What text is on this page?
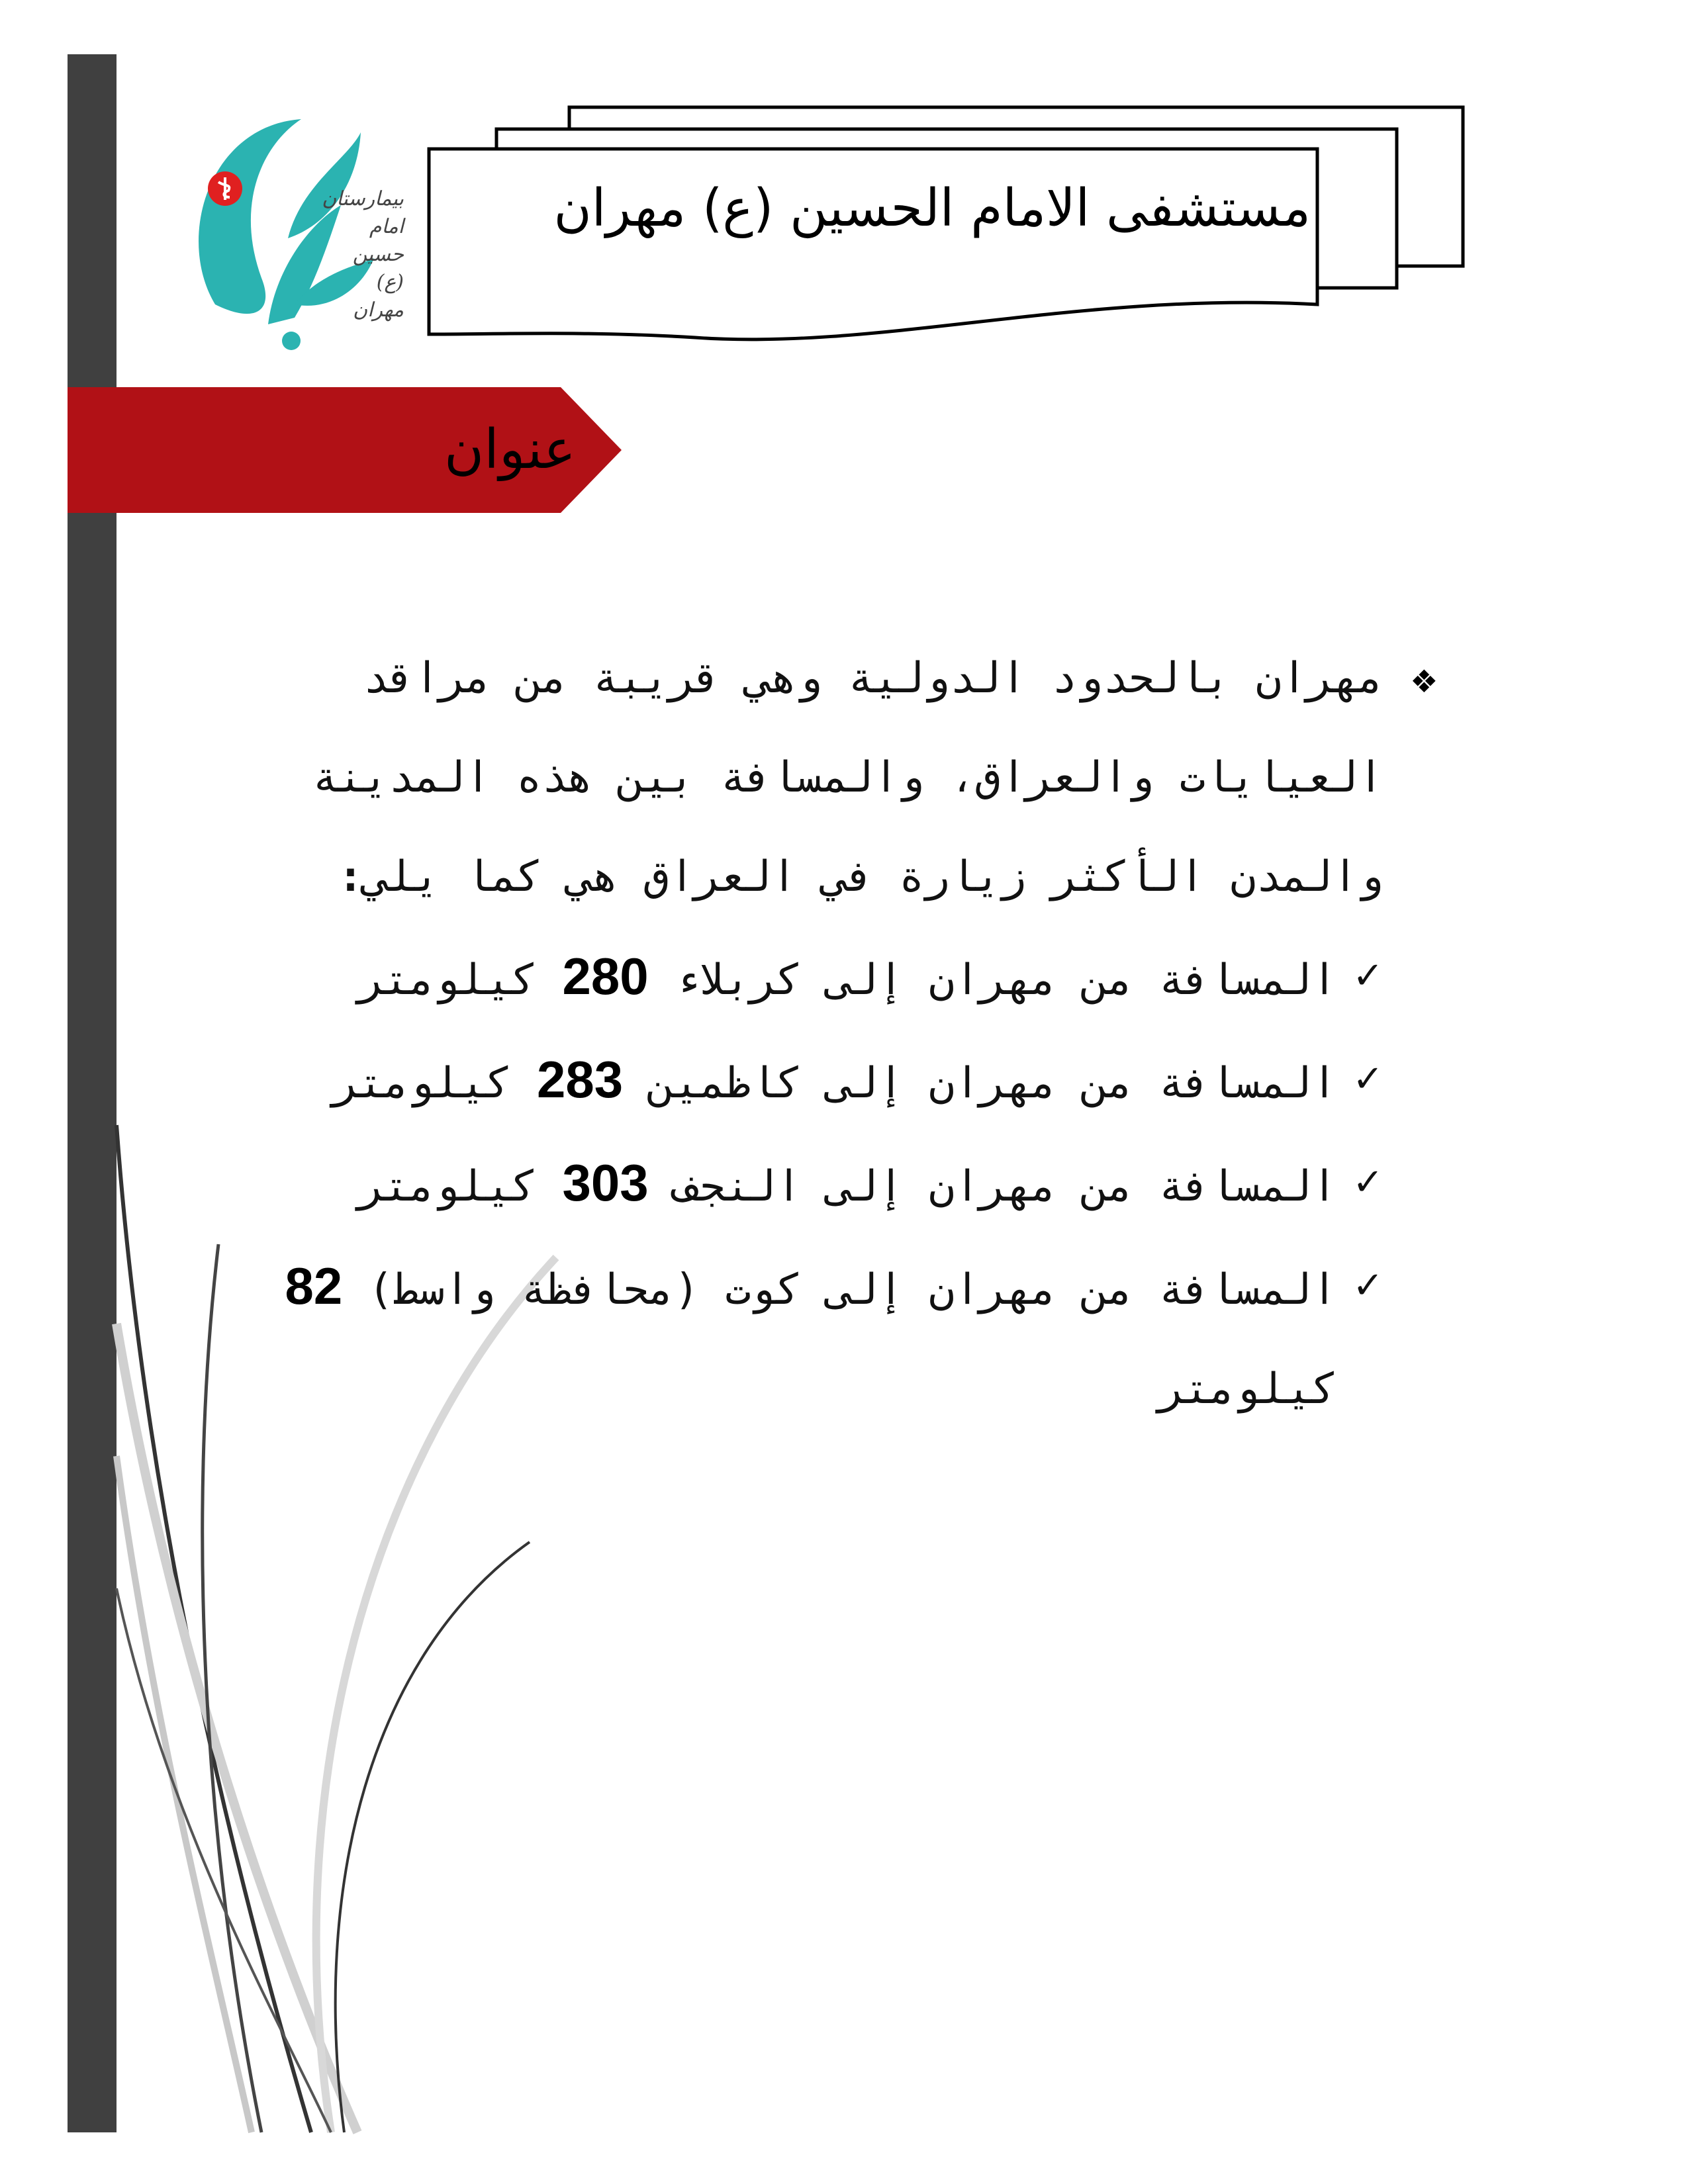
بیمارستان
امام حسین (ع)
مهران
مستشفى الامام الحسين (ع) مهران
عنوان
❖
مهران بالحدود الدولية وهي قريبة من مراقد العيايات والعراق، والمسافة بين هذه المدينة والمدن الأكثر زيارة في العراق هي كما يلي:
✓
المسافة من مهران إلى كربلاء 280 كيلومتر
✓
المسافة من مهران إلى كاظمين 283 كيلومتر
✓
المسافة من مهران إلى النجف 303 كيلومتر
✓
المسافة من مهران إلى كوت (محافظة واسط) 82 كيلومتر
